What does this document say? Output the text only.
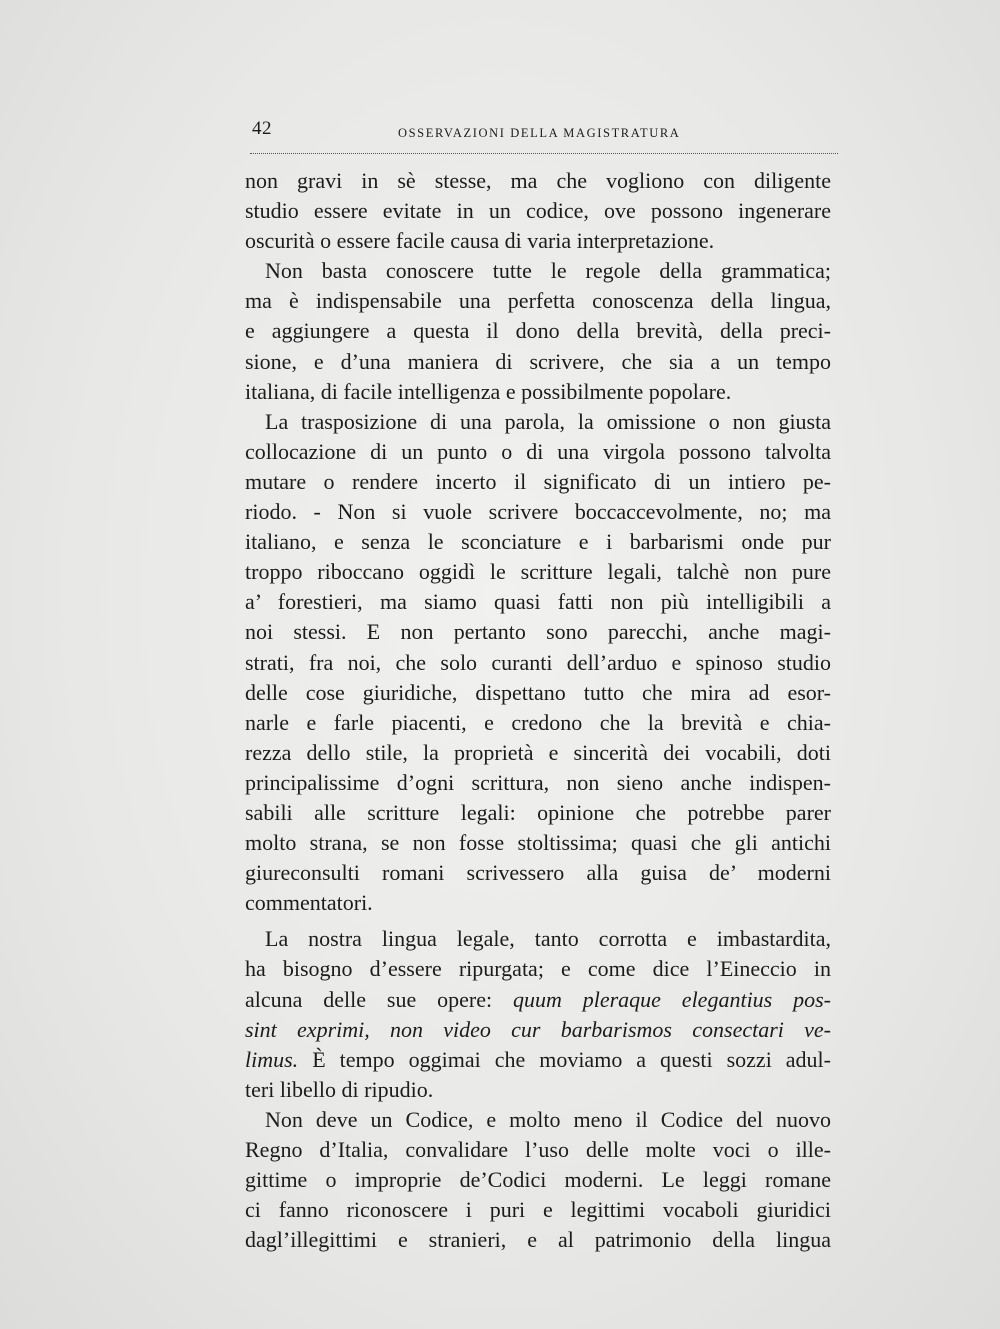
42	OSSERVAZIONI DELLA MAGISTRATURA
non gravi in sè stesse, ma che vogliono con diligente
studio essere evitate in un codice, ove possono ingenerare
oscurità o essere facile causa di varia interpretazione.
Non basta conoscere tutte le regole della grammatica;
ma è indispensabile una perfetta conoscenza della lingua,
e aggiungere a questa il dono della brevità, della preci-
sione, e d’una maniera di scrivere, che sia a un tempo
italiana, di facile intelligenza e possibilmente popolare.
La trasposizione di una parola, la omissione o non giusta
collocazione di un punto o di una virgola possono talvolta
mutare o rendere incerto il significato di un intiero pe-
riodo. - Non si vuole scrivere boccaccevolmente, no; ma
italiano, e senza le sconciature e i barbarismi onde pur
troppo riboccano oggidì le scritture legali, talchè non pure
a’ forestieri, ma siamo quasi fatti non più intelligibili a
noi stessi. E non pertanto sono parecchi, anche magi-
strati, fra noi, che solo curanti dell’arduo e spinoso studio
delle cose giuridiche, dispettano tutto che mira ad esor-
narle e farle piacenti, e credono che la brevità e chia-
rezza dello stile, la proprietà e sincerità dei vocabili, doti
principalissime d’ogni scrittura, non sieno anche indispen-
sabili alle scritture legali: opinione che potrebbe parer
molto strana, se non fosse stoltissima; quasi che gli antichi
giureconsulti romani scrivessero alla guisa de’ moderni
commentatori.
La nostra lingua legale, tanto corrotta e imbastardita,
ha bisogno d’essere ripurgata; e come dice l’Eineccio in
alcuna delle sue opere: quum pleraque elegantius pos-
sint exprimi, non video cur barbarismos consectari ve-
limus. È tempo oggimai che moviamo a questi sozzi adul-
teri libello di ripudio.
Non deve un Codice, e molto meno il Codice del nuovo
Regno d’Italia, convalidare l’uso delle molte voci o ille-
gittime o improprie de’Codici moderni. Le leggi romane
ci fanno riconoscere i puri e legittimi vocaboli giuridici
dagl’illegittimi e stranieri, e al patrimonio della lingua
